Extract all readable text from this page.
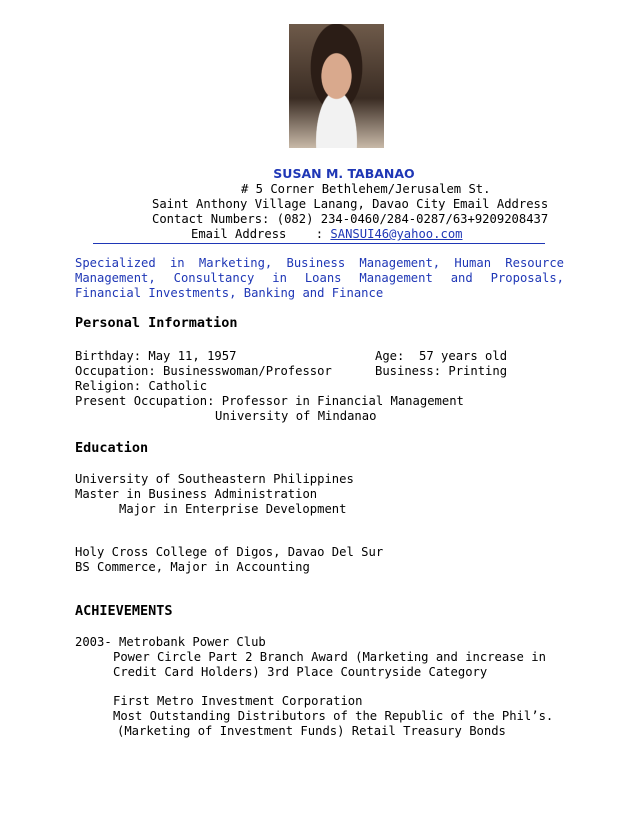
SUSAN M. TABANAO
# 5 Corner Bethlehem/Jerusalem St.
Saint Anthony Village Lanang, Davao City Email Address
Contact Numbers: (082) 234-0460/284-0287/63+9209208437
Email Address    : SANSUI46@yahoo.com
Specialized in Marketing, Business Management, Human Resource Management, Consultancy in Loans Management and Proposals, Financial Investments, Banking and Finance
Personal Information
Birthday: May 11, 1957	Age:  57 years old
Occupation: Businesswoman/Professor	Business: Printing
Religion: Catholic
Present Occupation: Professor in Financial Management
University of Mindanao
Education
University of Southeastern Philippines
Master in Business Administration
Major in Enterprise Development
Holy Cross College of Digos, Davao Del Sur
BS Commerce, Major in Accounting
ACHIEVEMENTS
2003- Metrobank Power Club
Power Circle Part 2 Branch Award (Marketing and increase in
Credit Card Holders) 3rd Place Countryside Category
First Metro Investment Corporation
Most Outstanding Distributors of the Republic of the Phil’s.
(Marketing of Investment Funds) Retail Treasury Bonds
